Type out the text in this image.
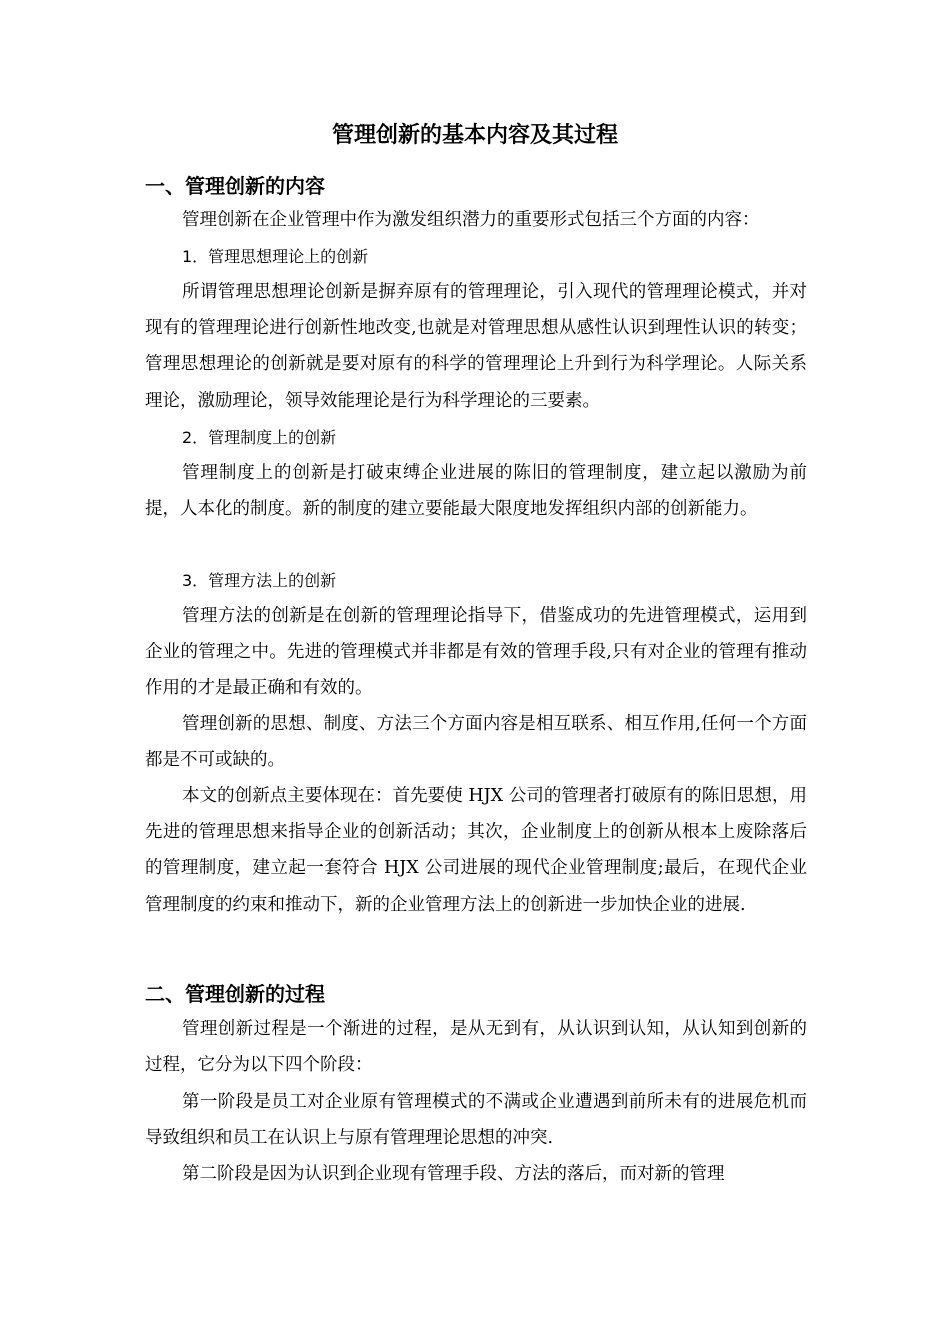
管理创新的基本内容及其过程
一、管理创新的内容

管理创新在企业管理中作为激发组织潜力的重要形式包括三个方面的内容：

1．管理思想理论上的创新

所谓管理思想理论创新是摒弃原有的管理理论，引入现代的管理理论模式，并对现有的管理理论进行创新性地改变,也就是对管理思想从感性认识到理性认识的转变；管理思想理论的创新就是要对原有的科学的管理理论上升到行为科学理论。人际关系理论，激励理论，领导效能理论是行为科学理论的三要素。

2．管理制度上的创新

管理制度上的创新是打破束缚企业进展的陈旧的管理制度，建立起以激励为前提，人本化的制度。新的制度的建立要能最大限度地发挥组织内部的创新能力。

3．管理方法上的创新

管理方法的创新是在创新的管理理论指导下，借鉴成功的先进管理模式，运用到企业的管理之中。先进的管理模式并非都是有效的管理手段,只有对企业的管理有推动作用的才是最正确和有效的。

管理创新的思想、制度、方法三个方面内容是相互联系、相互作用,任何一个方面都是不可或缺的。

本文的创新点主要体现在：首先要使 HJX 公司的管理者打破原有的陈旧思想，用先进的管理思想来指导企业的创新活动；其次，企业制度上的创新从根本上废除落后的管理制度，建立起一套符合 HJX 公司进展的现代企业管理制度;最后，在现代企业管理制度的约束和推动下，新的企业管理方法上的创新进一步加快企业的进展.

二、管理创新的过程

管理创新过程是一个渐进的过程，是从无到有，从认识到认知，从认知到创新的过程，它分为以下四个阶段：

第一阶段是员工对企业原有管理模式的不满或企业遭遇到前所未有的进展危机而导致组织和员工在认识上与原有管理理论思想的冲突.

第二阶段是因为认识到企业现有管理手段、方法的落后，而对新的管理
